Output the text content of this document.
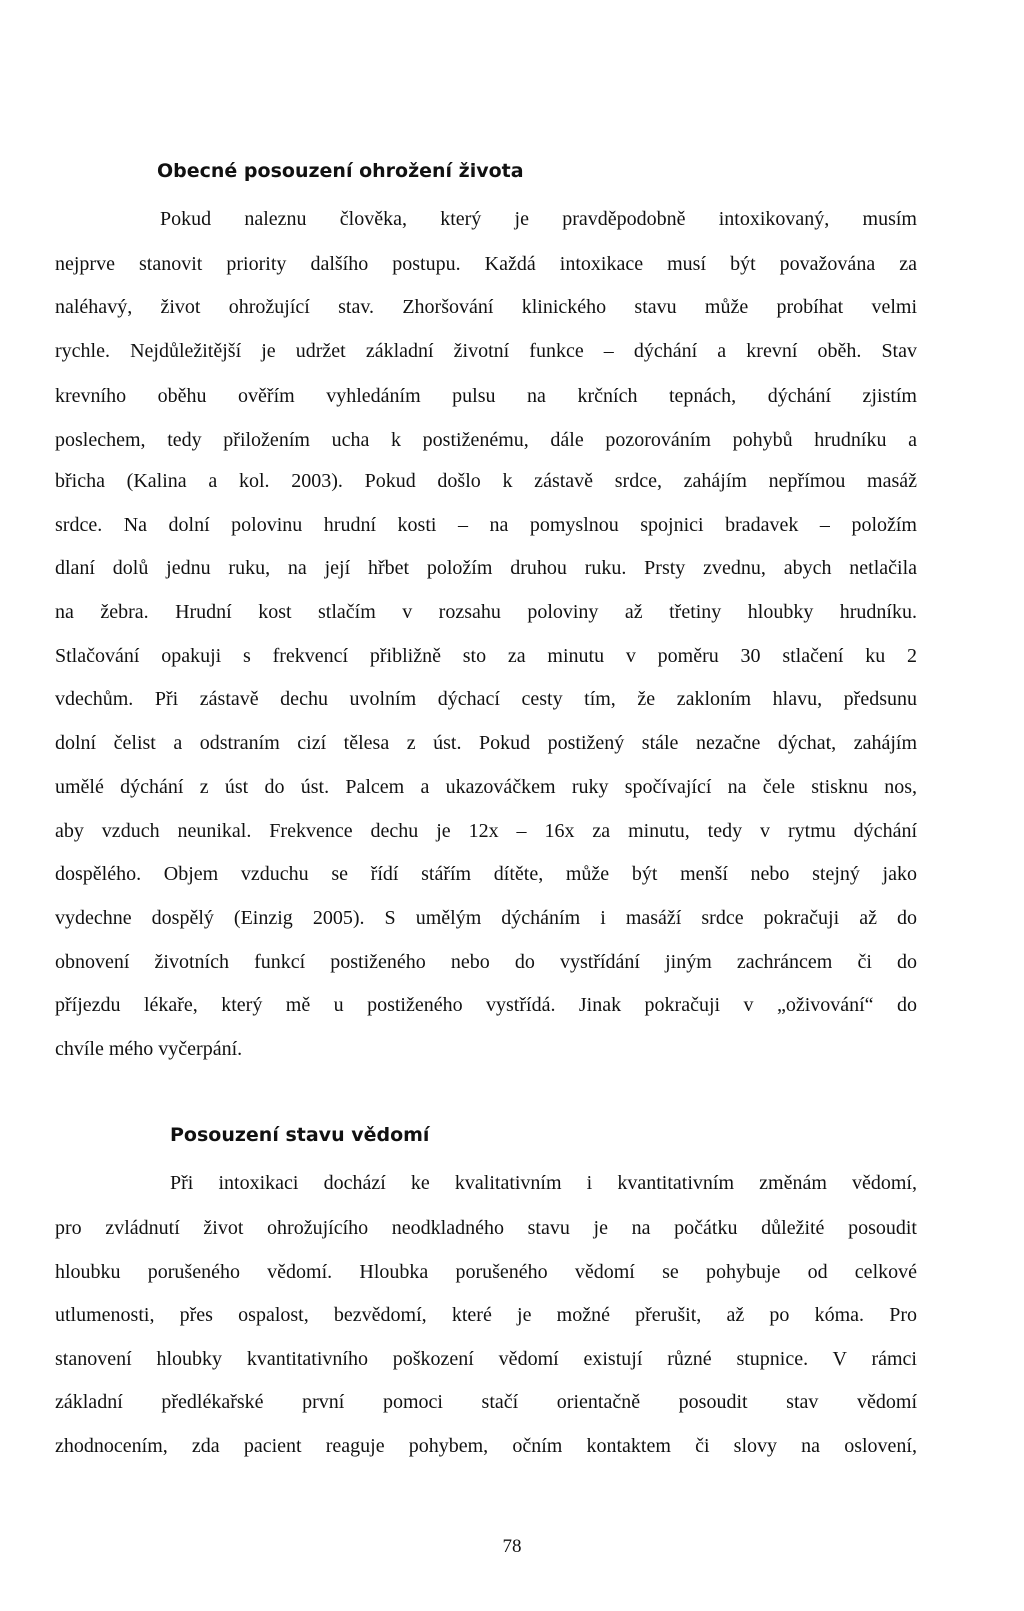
Obecné posouzení ohrožení života
Pokud naleznu člověka, který je pravděpodobně intoxikovaný, musím
nejprve stanovit priority dalšího postupu. Každá intoxikace musí být považována za
naléhavý, život ohrožující stav. Zhoršování klinického stavu může probíhat velmi
rychle. Nejdůležitější je udržet základní životní funkce – dýchání a krevní oběh. Stav
krevního oběhu ověřím vyhledáním pulsu na krčních tepnách, dýchání zjistím
poslechem, tedy přiložením ucha k postiženému, dále pozorováním pohybů hrudníku a
břicha (Kalina a kol. 2003). Pokud došlo k zástavě srdce, zahájím nepřímou masáž
srdce. Na dolní polovinu hrudní kosti – na pomyslnou spojnici bradavek – položím
dlaní dolů jednu ruku, na její hřbet položím druhou ruku. Prsty zvednu, abych netlačila
na žebra. Hrudní kost stlačím v rozsahu poloviny až třetiny hloubky hrudníku.
Stlačování opakuji s frekvencí přibližně sto za minutu v poměru 30 stlačení ku 2
vdechům. Při zástavě dechu uvolním dýchací cesty tím, že zakloním hlavu, předsunu
dolní čelist a odstraním cizí tělesa z úst. Pokud postižený stále nezačne dýchat, zahájím
umělé dýchání z úst do úst. Palcem a ukazováčkem ruky spočívající na čele stisknu nos,
aby vzduch neunikal. Frekvence dechu je 12x – 16x za minutu, tedy v rytmu dýchání
dospělého. Objem vzduchu se řídí stářím dítěte, může být menší nebo stejný jako
vydechne dospělý (Einzig 2005). S umělým dýcháním i masáží srdce pokračuji až do
obnovení životních funkcí postiženého nebo do vystřídání jiným zachráncem či do
příjezdu lékaře, který mě u postiženého vystřídá. Jinak pokračuji v „oživování“ do
chvíle mého vyčerpání.
Posouzení stavu vědomí
Při intoxikaci dochází ke kvalitativním i kvantitativním změnám vědomí,
pro zvládnutí život ohrožujícího neodkladného stavu je na počátku důležité posoudit
hloubku porušeného vědomí. Hloubka porušeného vědomí se pohybuje od celkové
utlumenosti, přes ospalost, bezvědomí, které je možné přerušit, až po kóma. Pro
stanovení hloubky kvantitativního poškození vědomí existují různé stupnice. V rámci
základní předlékařské první pomoci stačí orientačně posoudit stav vědomí
zhodnocením, zda pacient reaguje pohybem, očním kontaktem či slovy na oslovení,
78
